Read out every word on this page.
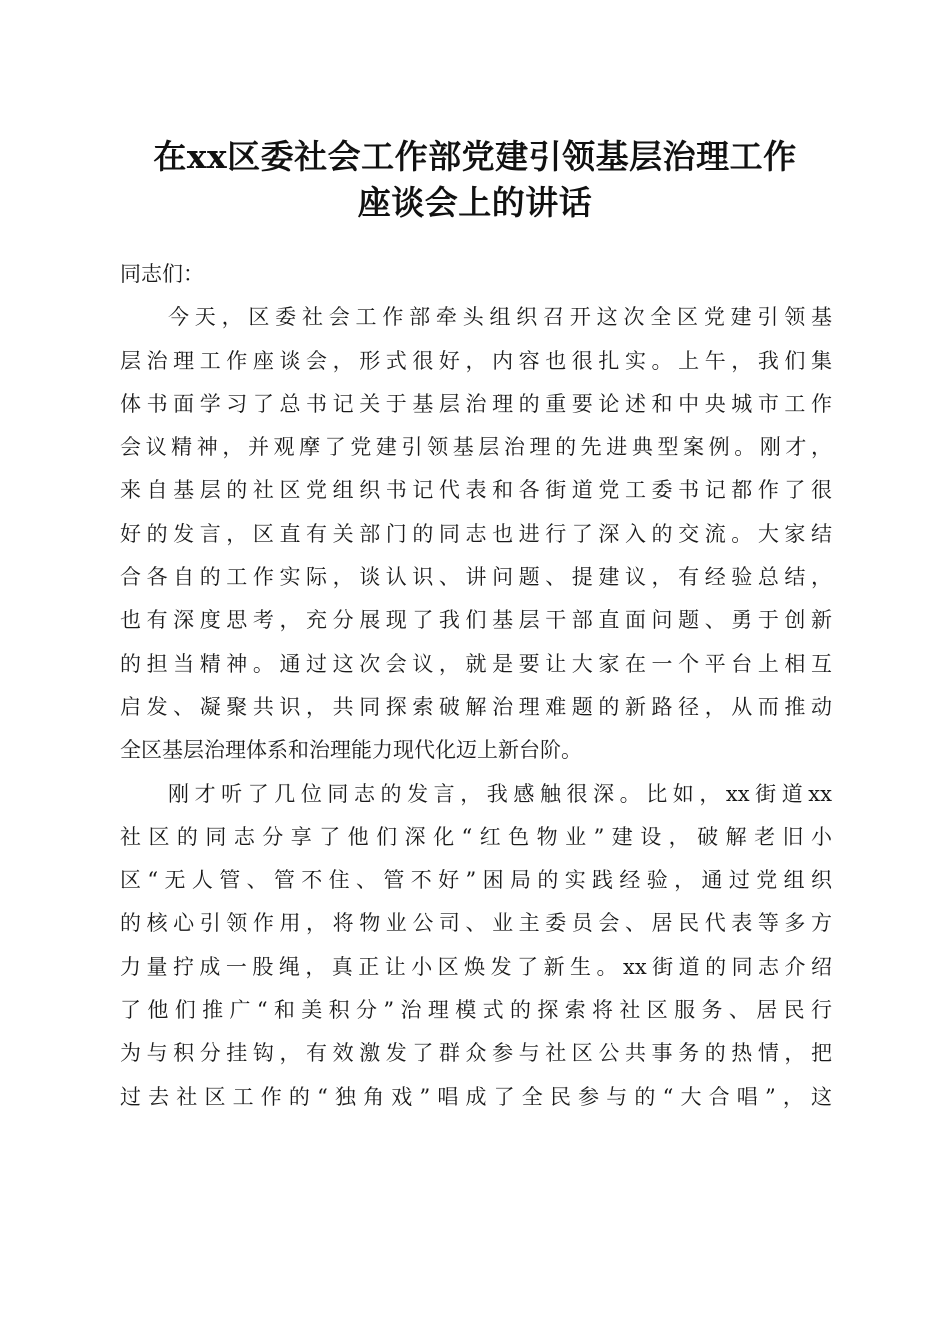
在xx区委社会工作部党建引领基层治理工作
座谈会上的讲话
同志们：
今天，区委社会工作部牵头组织召开这次全区党建引领基
层治理工作座谈会，形式很好，内容也很扎实。上午，我们集
体书面学习了总书记关于基层治理的重要论述和中央城市工作
会议精神，并观摩了党建引领基层治理的先进典型案例。刚才，
来自基层的社区党组织书记代表和各街道党工委书记都作了很
好的发言，区直有关部门的同志也进行了深入的交流。大家结
合各自的工作实际，谈认识、讲问题、提建议，有经验总结，
也有深度思考，充分展现了我们基层干部直面问题、勇于创新
的担当精神。通过这次会议，就是要让大家在一个平台上相互
启发、凝聚共识，共同探索破解治理难题的新路径，从而推动
全区基层治理体系和治理能力现代化迈上新台阶。
刚才听了几位同志的发言，我感触很深。比如，xx街道xx
社区的同志分享了他们深化“红色物业”建设，破解老旧小
区“无人管、管不住、管不好”困局的实践经验，通过党组织
的核心引领作用，将物业公司、业主委员会、居民代表等多方
力量拧成一股绳，真正让小区焕发了新生。xx街道的同志介绍
了他们推广“和美积分”治理模式的探索将社区服务、居民行
为与积分挂钩，有效激发了群众参与社区公共事务的热情，把
过去社区工作的“独角戏”唱成了全民参与的“大合唱”，这
